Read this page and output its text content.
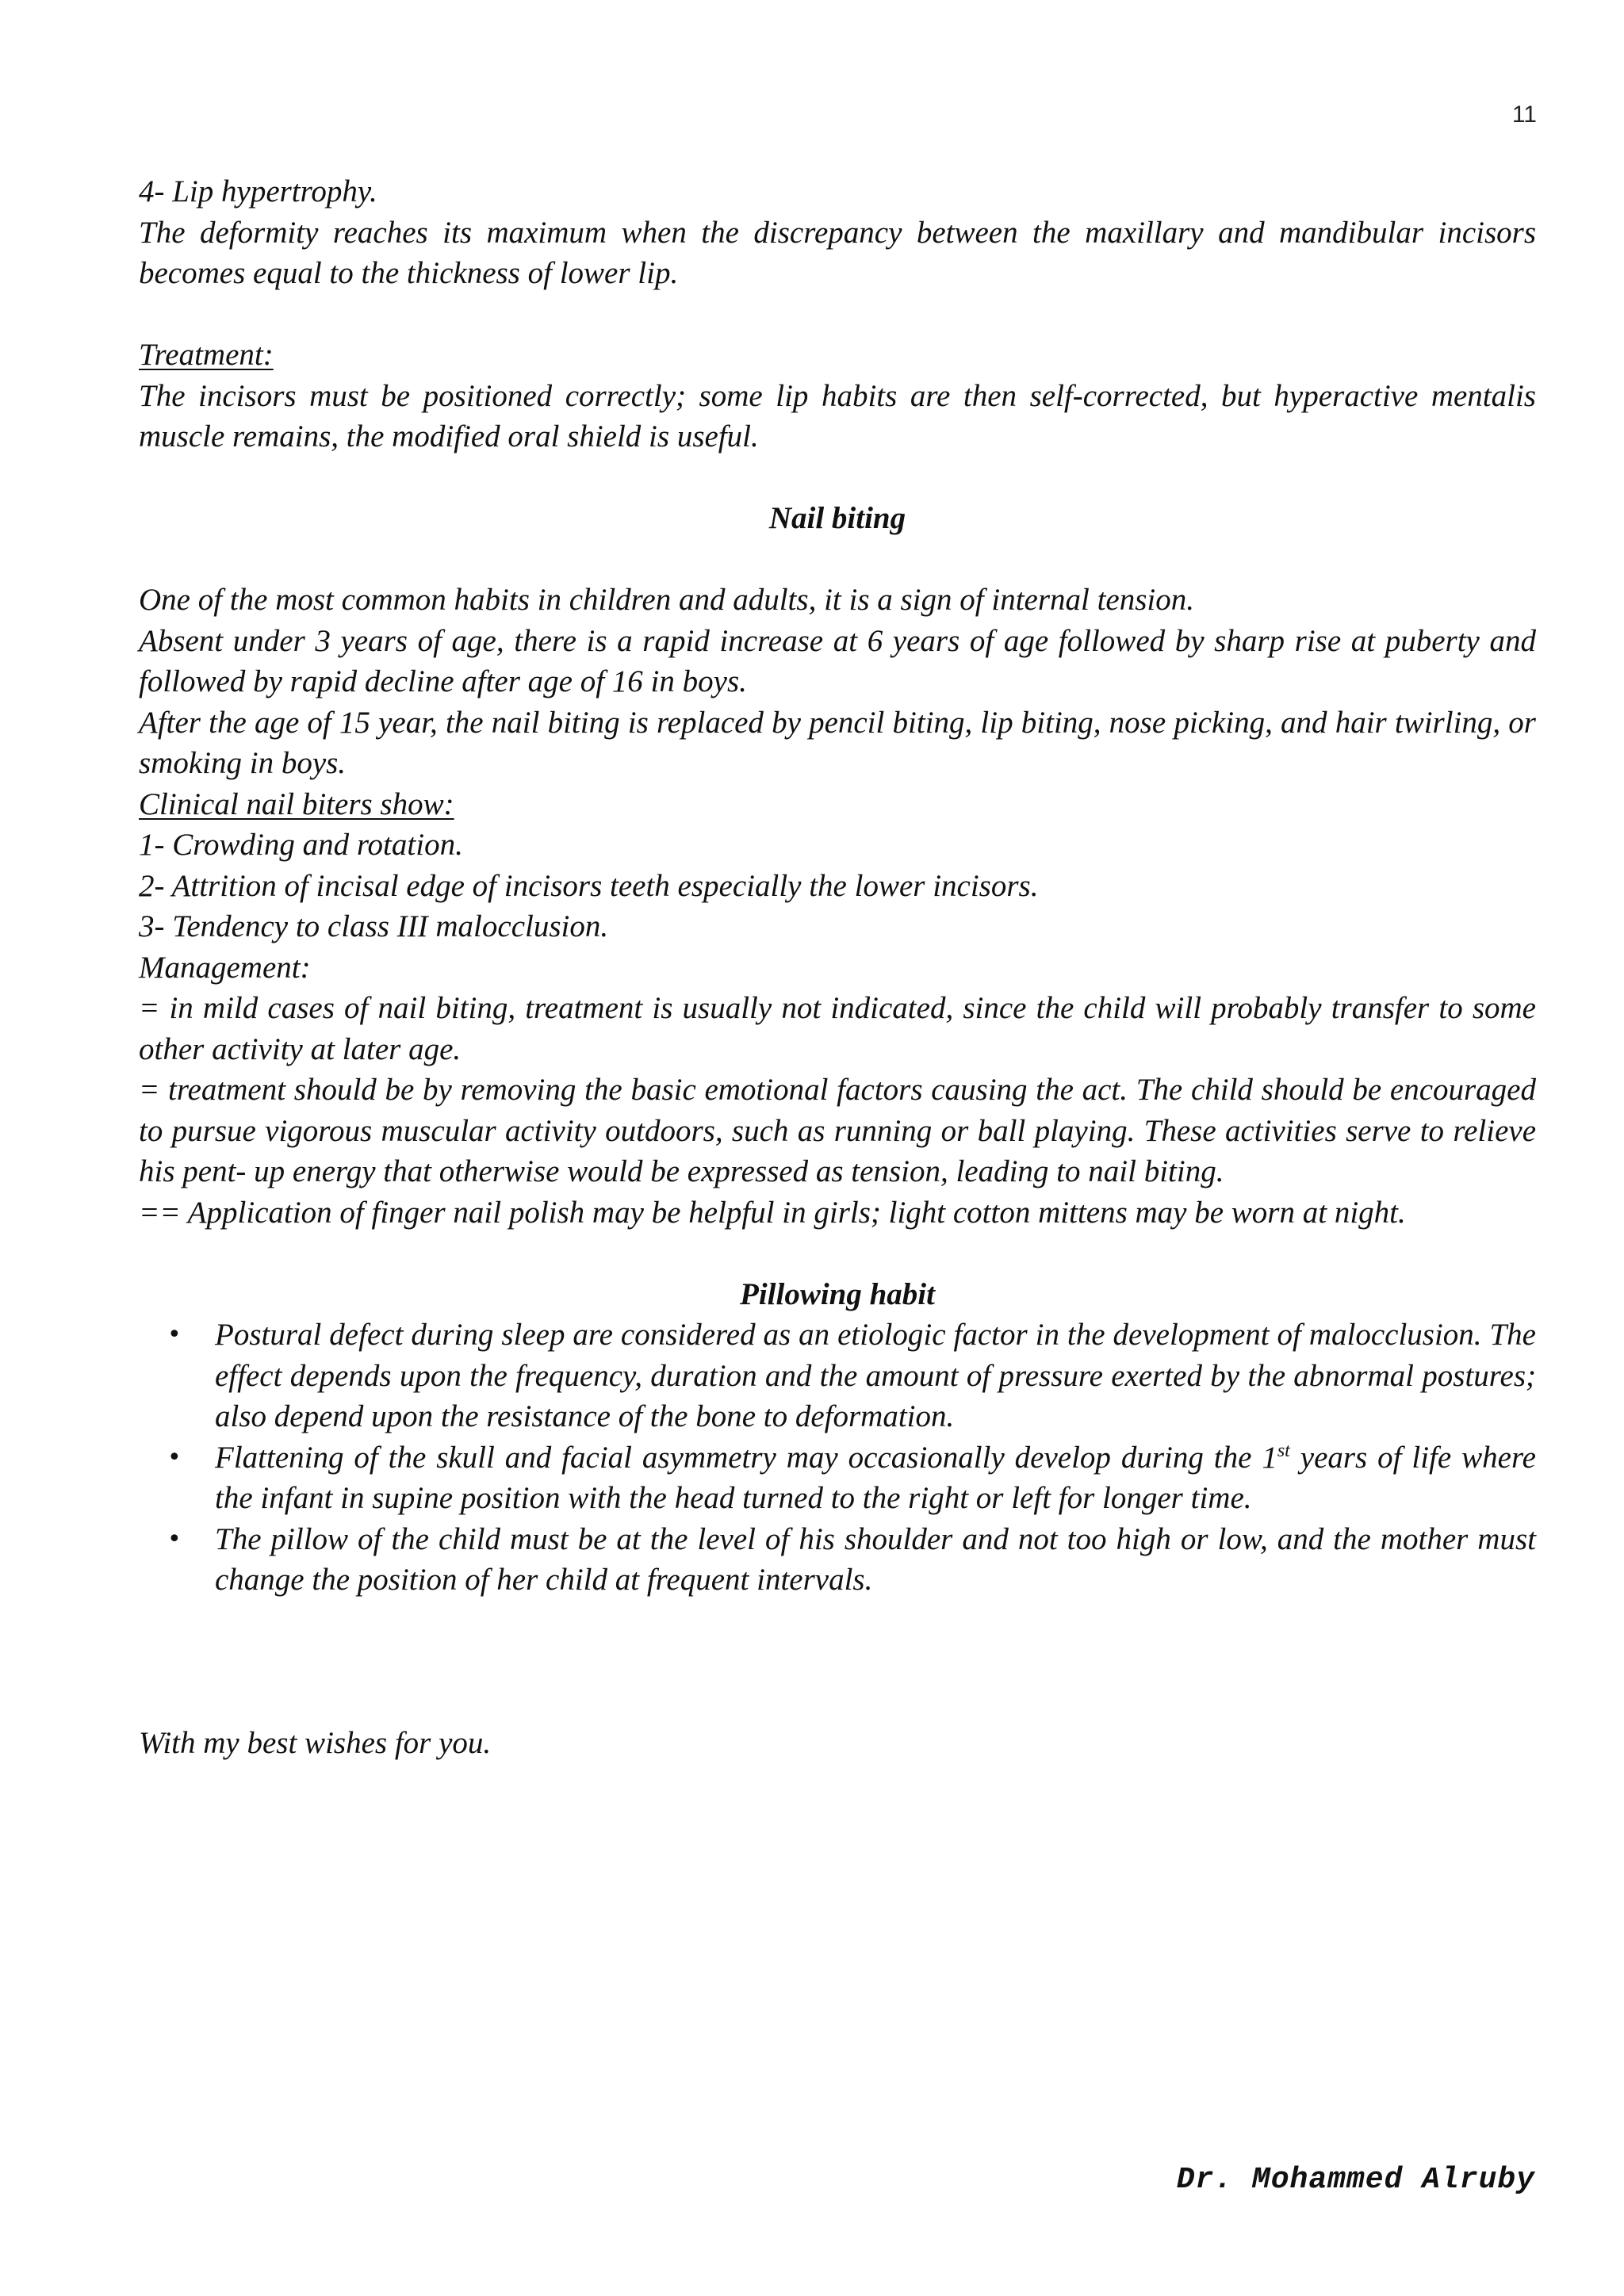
11

4- Lip hypertrophy.

The deformity reaches its maximum when the discrepancy between the maxillary and mandibular incisors becomes equal to the thickness of lower lip.

Treatment:

The incisors must be positioned correctly; some lip habits are then self-corrected, but hyperactive mentalis muscle remains, the modified oral shield is useful.

Nail biting

One of the most common habits in children and adults, it is a sign of internal tension.

Absent under 3 years of age, there is a rapid increase at 6 years of age followed by sharp rise at puberty and followed by rapid decline after age of 16 in boys.

After the age of 15 year, the nail biting is replaced by pencil biting, lip biting, nose picking, and hair twirling, or smoking in boys.

Clinical nail biters show:

1- Crowding and rotation.

2- Attrition of incisal edge of incisors teeth especially the lower incisors.

3- Tendency to class III malocclusion.

Management:

= in mild cases of nail biting, treatment is usually not indicated, since the child will probably transfer to some other activity at later age.

= treatment should be by removing the basic emotional factors causing the act. The child should be encouraged to pursue vigorous muscular activity outdoors, such as running or ball playing. These activities serve to relieve his pent- up energy that otherwise would be expressed as tension, leading to nail biting.

== Application of finger nail polish may be helpful in girls; light cotton mittens may be worn at night.

Pillowing habit

• Postural defect during sleep are considered as an etiologic factor in the development of malocclusion. The effect depends upon the frequency, duration and the amount of pressure exerted by the abnormal postures; also depend upon the resistance of the bone to deformation.
• Flattening of the skull and facial asymmetry may occasionally develop during the 1st years of life where the infant in supine position with the head turned to the right or left for longer time.
• The pillow of the child must be at the level of his shoulder and not too high or low, and the mother must change the position of her child at frequent intervals.

With my best wishes for you.

Dr. Mohammed Alruby
